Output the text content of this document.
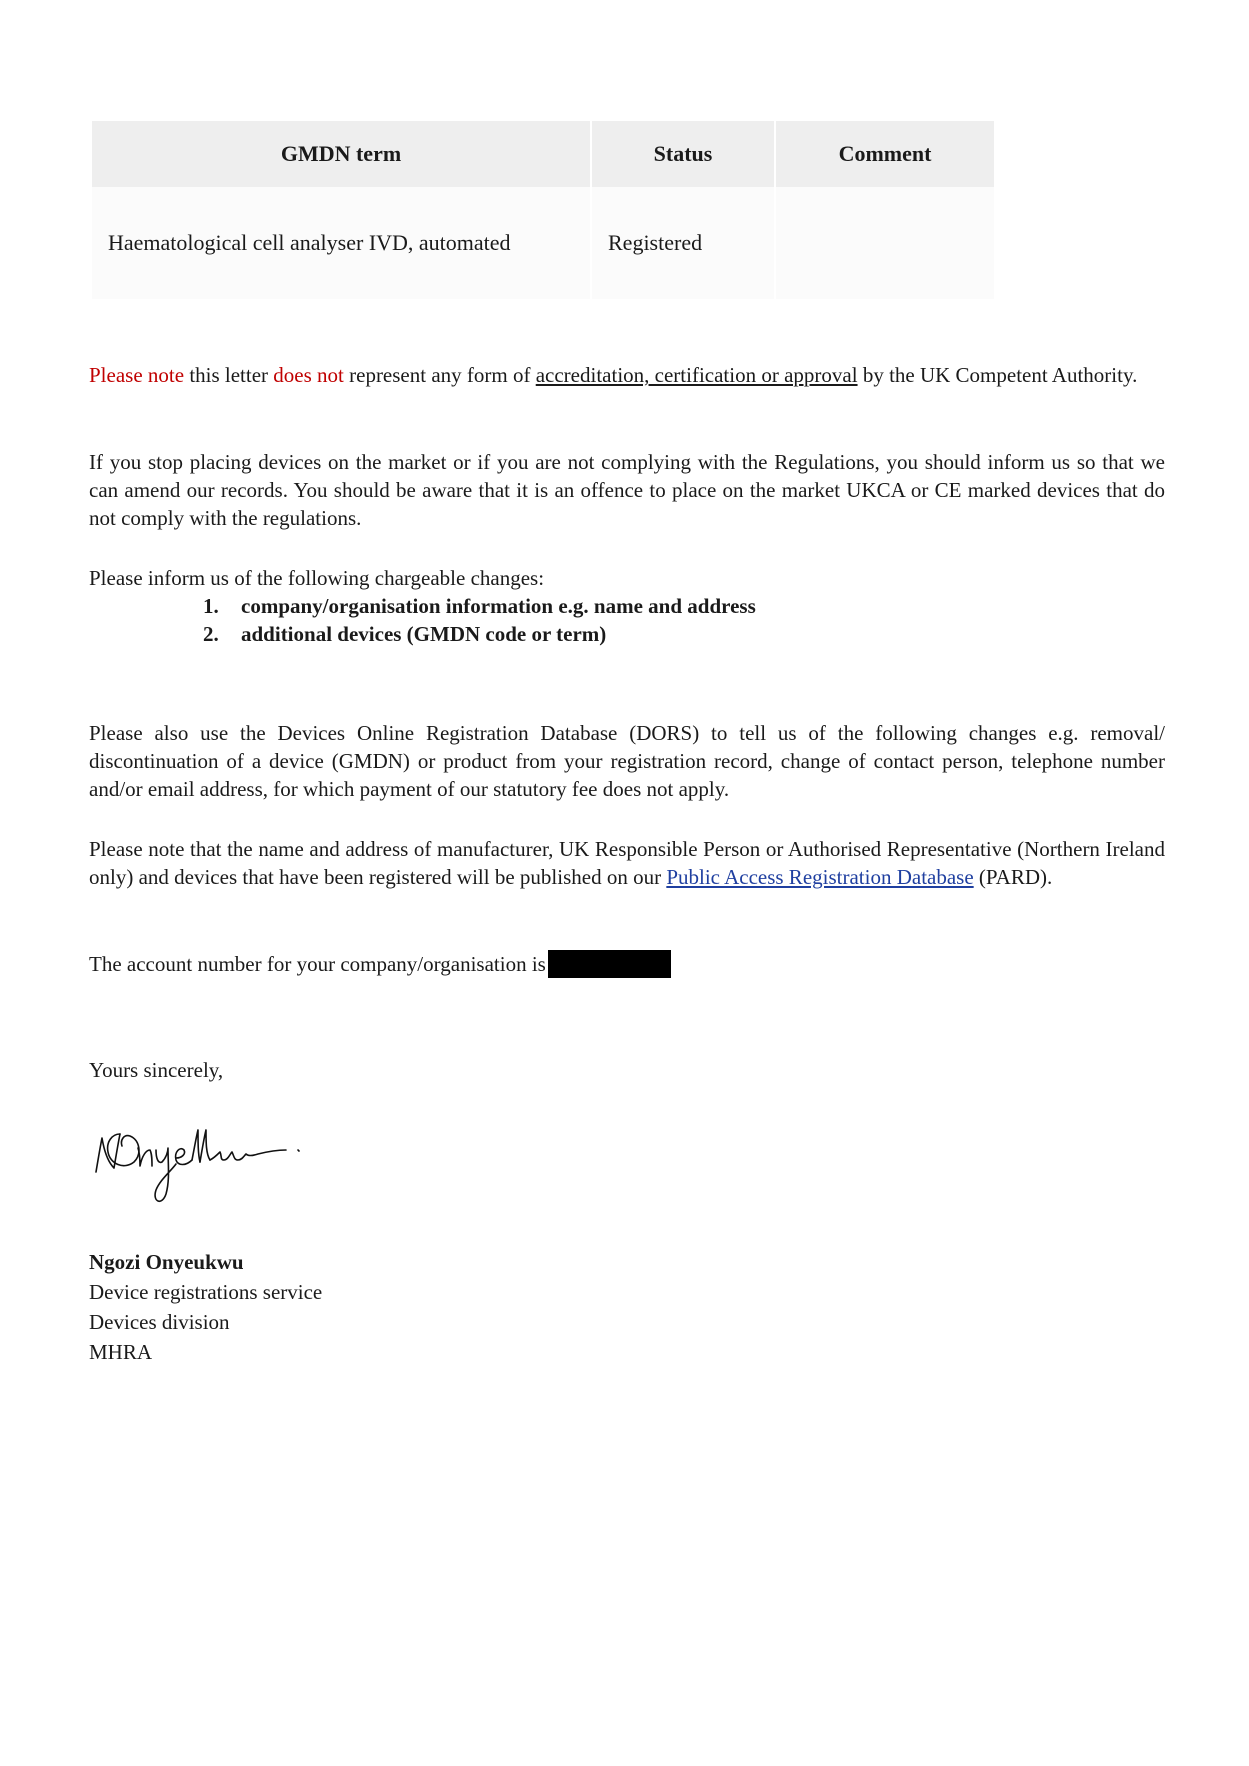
GMDN term	Status	Comment
Haematological cell analyser IVD, automated	Registered	

Please note this letter does not represent any form of accreditation, certification or approval by the UK Competent Authority.

If you stop placing devices on the market or if you are not complying with the Regulations, you should inform us so that we can amend our records. You should be aware that it is an offence to place on the market UKCA or CE marked devices that do not comply with the regulations.

Please inform us of the following chargeable changes:

1. company/organisation information e.g. name and address
2. additional devices (GMDN code or term)

Please also use the Devices Online Registration Database (DORS) to tell us of the following changes e.g. removal/ discontinuation of a device (GMDN) or product from your registration record, change of contact person, telephone number and/or email address, for which payment of our statutory fee does not apply.

Please note that the name and address of manufacturer, UK Responsible Person or Authorised Representative (Northern Ireland only) and devices that have been registered will be published on our Public Access Registration Database (PARD).

The account number for your company/organisation is

Yours sincerely,

Ngozi Onyeukwu
Device registrations service
Devices division
MHRA
